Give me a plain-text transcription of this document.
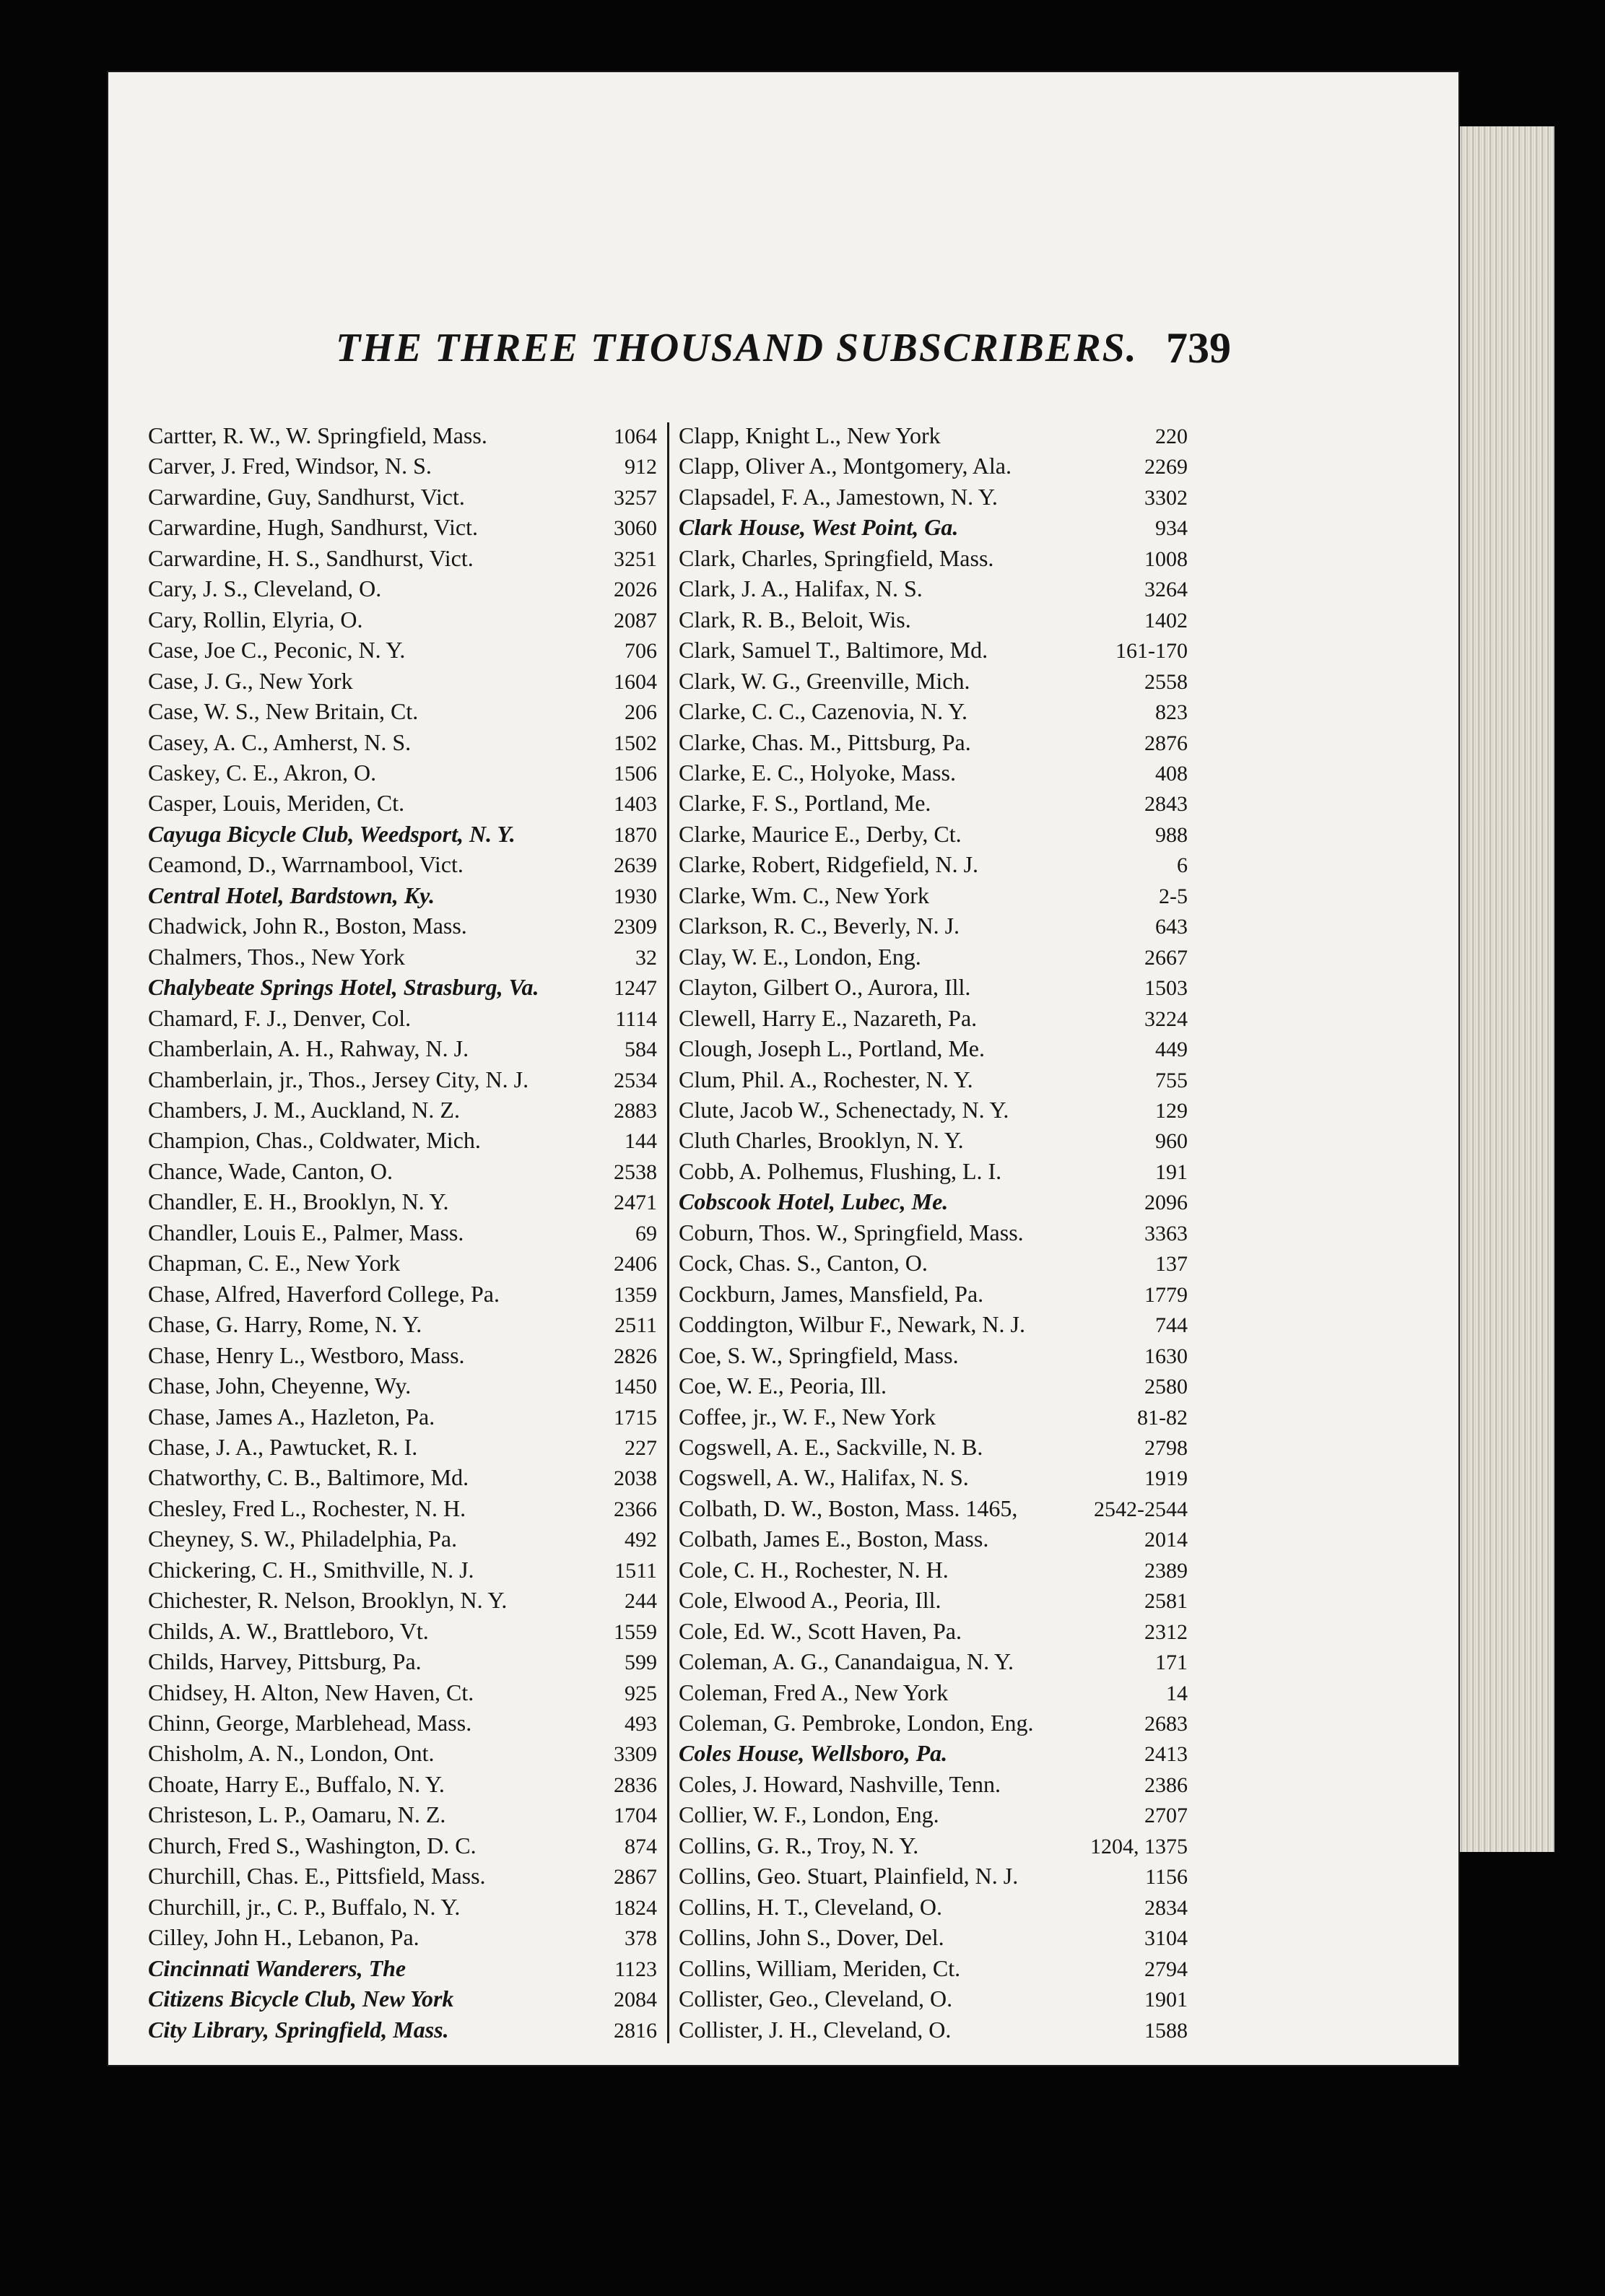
THE THREE THOUSAND SUBSCRIBERS. 739
Cartter, R. W., W. Springfield, Mass.	1064
Carver, J. Fred, Windsor, N. S.	912
Carwardine, Guy, Sandhurst, Vict.	3257
Carwardine, Hugh, Sandhurst, Vict.	3060
Carwardine, H. S., Sandhurst, Vict.	3251
Cary, J. S., Cleveland, O.	2026
Cary, Rollin, Elyria, O.	2087
Case, Joe C., Peconic, N. Y.	706
Case, J. G., New York	1604
Case, W. S., New Britain, Ct.	206
Casey, A. C., Amherst, N. S.	1502
Caskey, C. E., Akron, O.	1506
Casper, Louis, Meriden, Ct.	1403
Cayuga Bicycle Club, Weedsport, N. Y.	1870
Ceamond, D., Warrnambool, Vict.	2639
Central Hotel, Bardstown, Ky.	1930
Chadwick, John R., Boston, Mass.	2309
Chalmers, Thos., New York	32
Chalybeate Springs Hotel, Strasburg, Va.	1247
Chamard, F. J., Denver, Col.	1114
Chamberlain, A. H., Rahway, N. J.	584
Chamberlain, jr., Thos., Jersey City, N. J.	2534
Chambers, J. M., Auckland, N. Z.	2883
Champion, Chas., Coldwater, Mich.	144
Chance, Wade, Canton, O.	2538
Chandler, E. H., Brooklyn, N. Y.	2471
Chandler, Louis E., Palmer, Mass.	69
Chapman, C. E., New York	2406
Chase, Alfred, Haverford College, Pa.	1359
Chase, G. Harry, Rome, N. Y.	2511
Chase, Henry L., Westboro, Mass.	2826
Chase, John, Cheyenne, Wy.	1450
Chase, James A., Hazleton, Pa.	1715
Chase, J. A., Pawtucket, R. I.	227
Chatworthy, C. B., Baltimore, Md.	2038
Chesley, Fred L., Rochester, N. H.	2366
Cheyney, S. W., Philadelphia, Pa.	492
Chickering, C. H., Smithville, N. J.	1511
Chichester, R. Nelson, Brooklyn, N. Y.	244
Childs, A. W., Brattleboro, Vt.	1559
Childs, Harvey, Pittsburg, Pa.	599
Chidsey, H. Alton, New Haven, Ct.	925
Chinn, George, Marblehead, Mass.	493
Chisholm, A. N., London, Ont.	3309
Choate, Harry E., Buffalo, N. Y.	2836
Christeson, L. P., Oamaru, N. Z.	1704
Church, Fred S., Washington, D. C.	874
Churchill, Chas. E., Pittsfield, Mass.	2867
Churchill, jr., C. P., Buffalo, N. Y.	1824
Cilley, John H., Lebanon, Pa.	378
Cincinnati Wanderers, The	1123
Citizens Bicycle Club, New York	2084
City Library, Springfield, Mass.	2816
Clapp, Knight L., New York	220
Clapp, Oliver A., Montgomery, Ala.	2269
Clapsadel, F. A., Jamestown, N. Y.	3302
Clark House, West Point, Ga.	934
Clark, Charles, Springfield, Mass.	1008
Clark, J. A., Halifax, N. S.	3264
Clark, R. B., Beloit, Wis.	1402
Clark, Samuel T., Baltimore, Md.	161-170
Clark, W. G., Greenville, Mich.	2558
Clarke, C. C., Cazenovia, N. Y.	823
Clarke, Chas. M., Pittsburg, Pa.	2876
Clarke, E. C., Holyoke, Mass.	408
Clarke, F. S., Portland, Me.	2843
Clarke, Maurice E., Derby, Ct.	988
Clarke, Robert, Ridgefield, N. J.	6
Clarke, Wm. C., New York	2-5
Clarkson, R. C., Beverly, N. J.	643
Clay, W. E., London, Eng.	2667
Clayton, Gilbert O., Aurora, Ill.	1503
Clewell, Harry E., Nazareth, Pa.	3224
Clough, Joseph L., Portland, Me.	449
Clum, Phil. A., Rochester, N. Y.	755
Clute, Jacob W., Schenectady, N. Y.	129
Cluth Charles, Brooklyn, N. Y.	960
Cobb, A. Polhemus, Flushing, L. I.	191
Cobscook Hotel, Lubec, Me.	2096
Coburn, Thos. W., Springfield, Mass.	3363
Cock, Chas. S., Canton, O.	137
Cockburn, James, Mansfield, Pa.	1779
Coddington, Wilbur F., Newark, N. J.	744
Coe, S. W., Springfield, Mass.	1630
Coe, W. E., Peoria, Ill.	2580
Coffee, jr., W. F., New York	81-82
Cogswell, A. E., Sackville, N. B.	2798
Cogswell, A. W., Halifax, N. S.	1919
Colbath, D. W., Boston, Mass. 1465,	2542-2544
Colbath, James E., Boston, Mass.	2014
Cole, C. H., Rochester, N. H.	2389
Cole, Elwood A., Peoria, Ill.	2581
Cole, Ed. W., Scott Haven, Pa.	2312
Coleman, A. G., Canandaigua, N. Y.	171
Coleman, Fred A., New York	14
Coleman, G. Pembroke, London, Eng.	2683
Coles House, Wellsboro, Pa.	2413
Coles, J. Howard, Nashville, Tenn.	2386
Collier, W. F., London, Eng.	2707
Collins, G. R., Troy, N. Y.	1204, 1375
Collins, Geo. Stuart, Plainfield, N. J.	1156
Collins, H. T., Cleveland, O.	2834
Collins, John S., Dover, Del.	3104
Collins, William, Meriden, Ct.	2794
Collister, Geo., Cleveland, O.	1901
Collister, J. H., Cleveland, O.	1588
